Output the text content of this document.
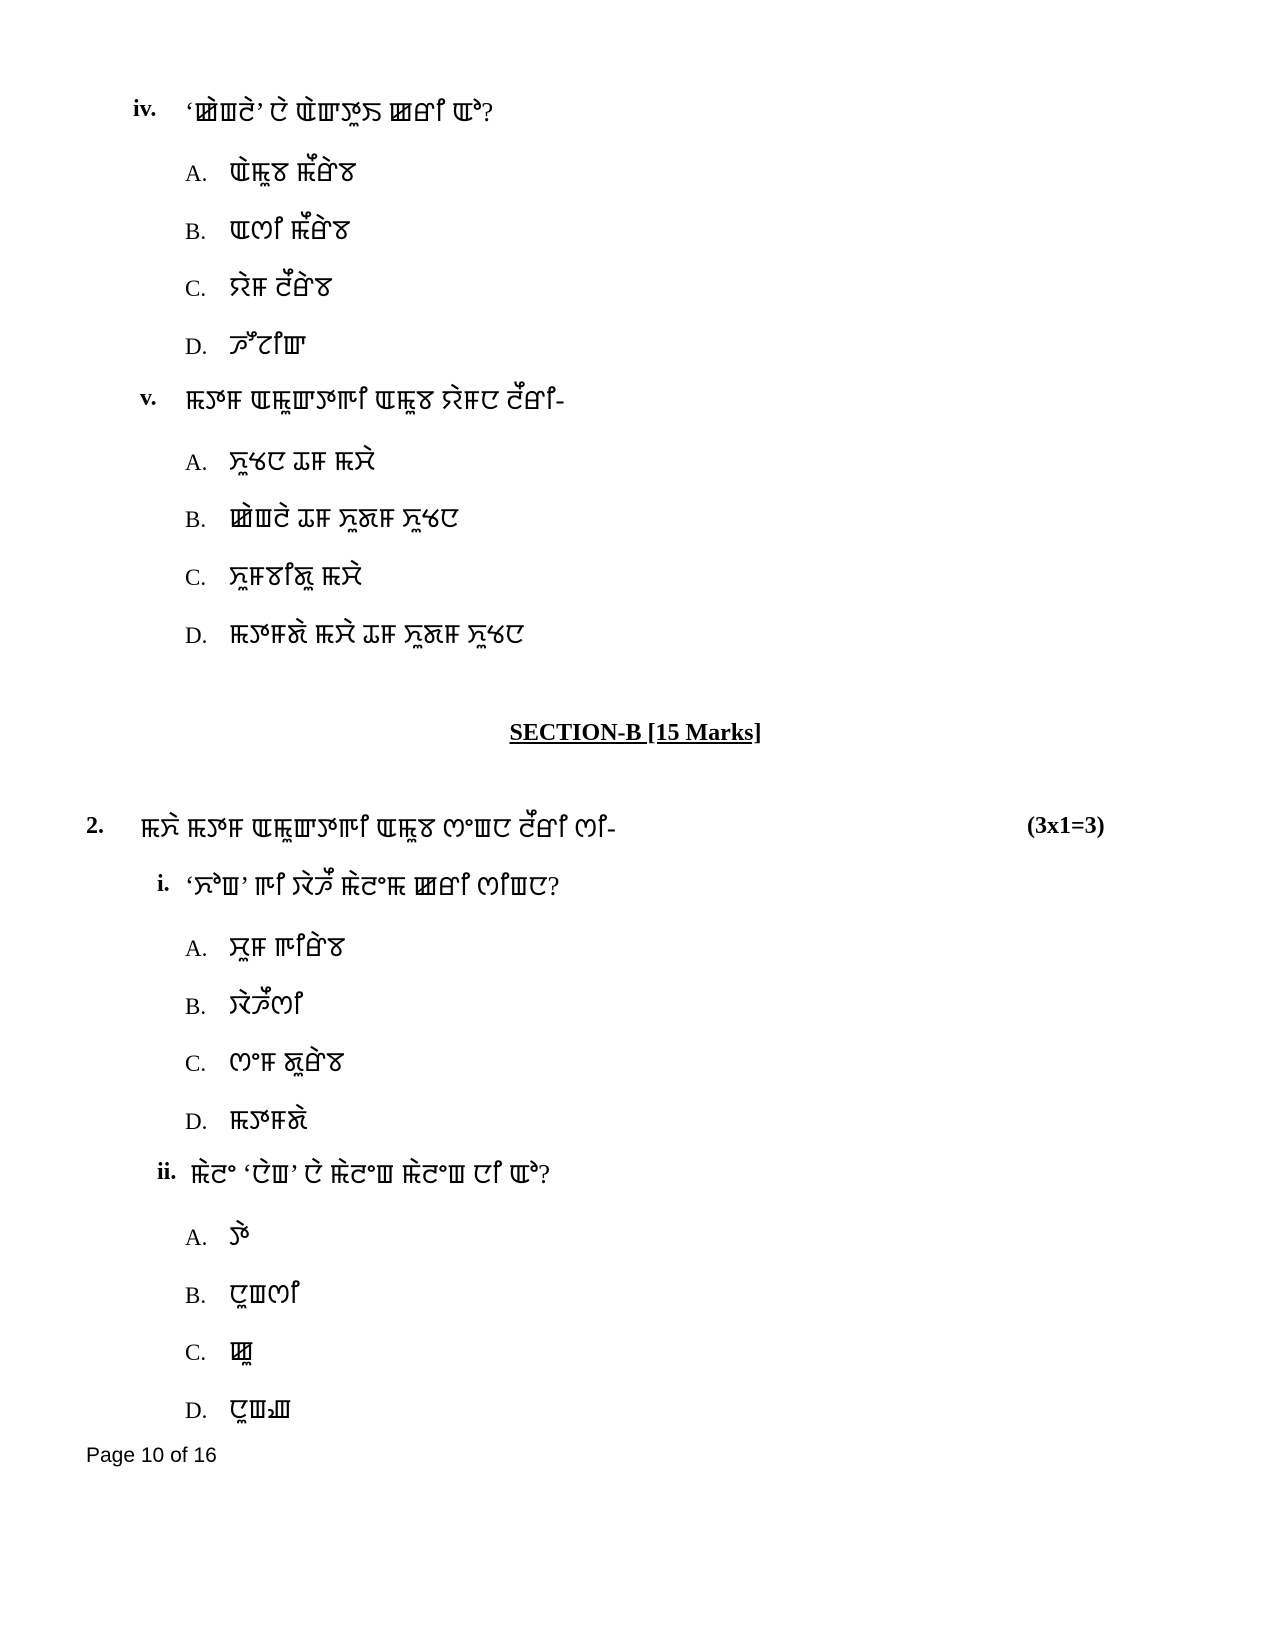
iv. ‘ꯀꯥꯡꯂꯥ’ ꯅꯥ ꯑꯥꯛꯇꯨꯏ ꯀꯔꯤ ꯑꯣ?
A. ꯑꯥꯃꯨꯕ ꯃꯩꯔꯥꯕ
B. ꯑꯁꯤ ꯃꯩꯔꯥꯕ
C. ꯌꯥꯝ ꯂꯩꯔꯥꯕ
D. ꯍꯧꯖꯤꯛ
v. ꯃꯇꯝ ꯑꯃꯨꯛꯇꯒꯤ ꯑꯃꯨꯕ ꯌꯥꯝꯅ ꯂꯩꯔꯤ-
A. ꯈꯨꯠꯅ ꯊꯝ ꯃꯆꯥ
B. ꯀꯥꯡꯂꯥ ꯊꯝ ꯈꯨꯗꯝ ꯈꯨꯠꯅ
C. ꯈꯨꯝꯕꯤꯗꯨ ꯃꯆꯥ
D. ꯃꯇꯝꯗꯥ ꯃꯆꯥ ꯊꯝ ꯈꯨꯗꯝ ꯈꯨꯠꯅ
SECTION-B [15 Marks]
2. ꯃꯈꯥ ꯃꯇꯝ ꯑꯃꯨꯛꯇꯒꯤ ꯑꯃꯨꯕ ꯁꯦꯡꯅ ꯂꯩꯔꯤ ꯁꯤ-	(3x1=3)
i. ‘ꯈꯣꯡ’ ꯒꯤ ꯋꯥꯍꯩ ꯃꯥꯂꯦꯃ ꯀꯔꯤ ꯁꯤꯡꯅ?
A. ꯆꯨꯝ ꯒꯤꯔꯥꯕ
B. ꯋꯥꯍꯩꯁꯤ
C. ꯁꯦꯝ ꯗꯨꯔꯥꯕ
D. ꯃꯇꯝꯗꯥ
ii. ꯃꯥꯂꯦ ‘ꯅꯥꯡ’ ꯅꯥ ꯃꯥꯂꯦꯡ ꯃꯥꯂꯦꯡ ꯅꯤ ꯑꯣ?
A. ꯇꯥ
B. ꯅꯨꯡꯁꯤ
C. ꯀꯨ
D. ꯅꯨꯡꯉ
Page 10 of 16
